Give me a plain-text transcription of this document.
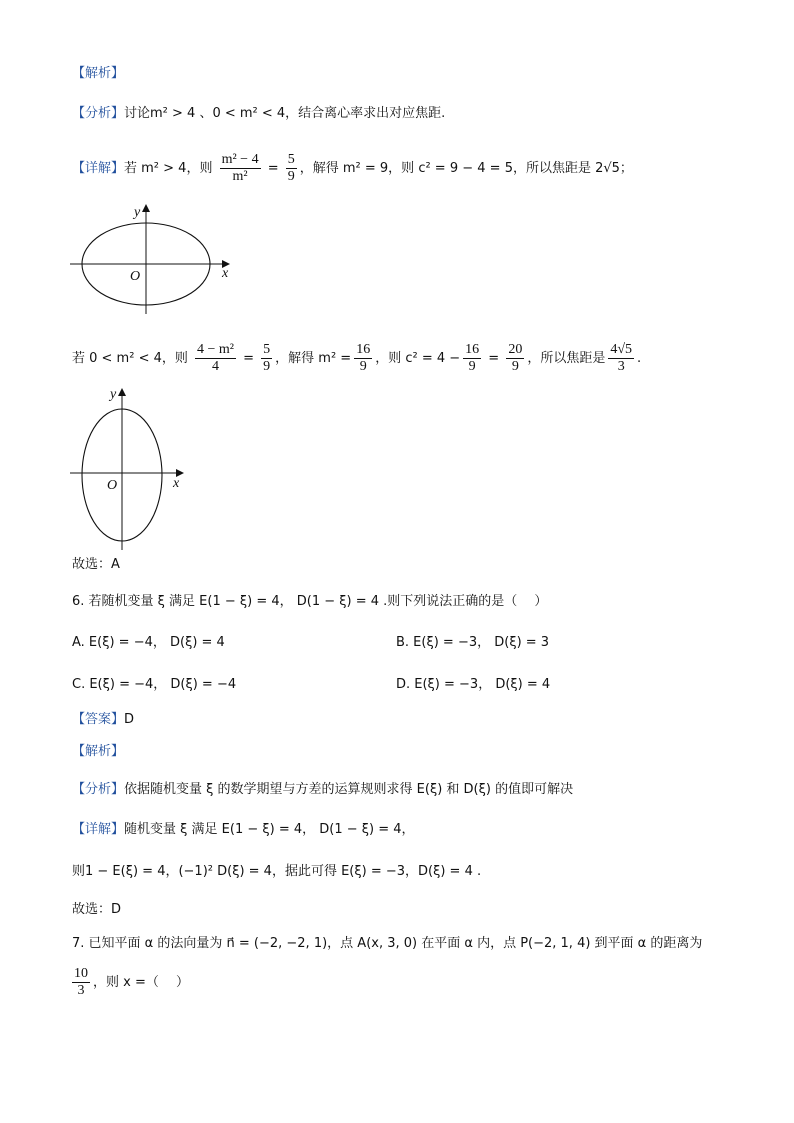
【解析】
【分析】讨论m² > 4 、0 < m² < 4，结合离心率求出对应焦距.
【详解】若 m² > 4，则 $\frac{\text{m² − 4}}{\text{m²}} = \frac{5}{9}$ ，解得 m² = 9，则 c² = 9 − 4 = 5，所以焦距是 2√5；
x
y
O
若 0 < m² < 4，则 $\frac{\text{4 − m²}}{4} = \frac{5}{9}$ ，解得 $m^2 = \frac{16}{9}$ ，则 $c^2 = 4 - \frac{16}{9} = \frac{20}{9}$ ，所以焦距是 $\frac{4√5}{3}$ .
x
y
O
故选：A
6. 若随机变量 ξ 满足 E(1 − ξ) = 4， D(1 − ξ) = 4 .则下列说法正确的是（　 ）
A. E(ξ) = −4， D(ξ) = 4	B. E(ξ) = −3， D(ξ) = 3
C. E(ξ) = −4， D(ξ) = −4	D. E(ξ) = −3， D(ξ) = 4
【答案】D
【解析】
【分析】依据随机变量 ξ 的数学期望与方差的运算规则求得 E(ξ) 和 D(ξ) 的值即可解决
【详解】随机变量 ξ 满足 E(1 − ξ) = 4， D(1 − ξ) = 4，
则1 − E(ξ) = 4，(−1)² D(ξ) = 4，据此可得 E(ξ) = −3，D(ξ) = 4 .
故选：D
7. 已知平面 α 的法向量为 n⃗ = (−2, −2, 1)，点 A(x, 3, 0) 在平面 α 内，点 P(−2, 1, 4) 到平面 α 的距离为
$\frac{10}{3}$ ，则 x =（　 ）
